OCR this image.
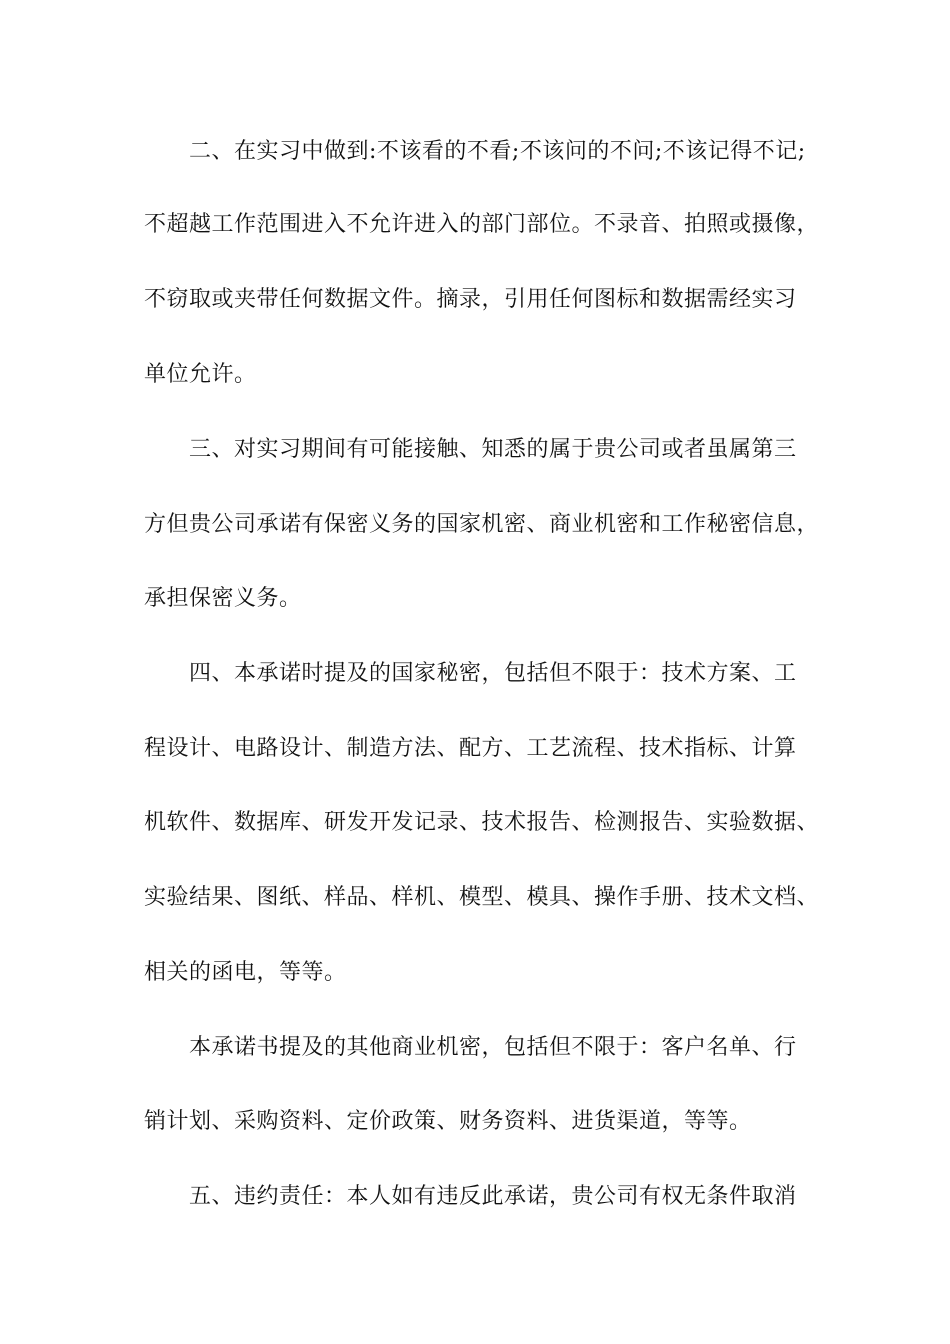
二、在实习中做到:不该看的不看;不该问的不问;不该记得不记;
不超越工作范围进入不允许进入的部门部位。不录音、拍照或摄像，
不窃取或夹带任何数据文件。摘录，引用任何图标和数据需经实习
单位允许。
三、对实习期间有可能接触、知悉的属于贵公司或者虽属第三
方但贵公司承诺有保密义务的国家机密、商业机密和工作秘密信息，
承担保密义务。
四、本承诺时提及的国家秘密，包括但不限于：技术方案、工
程设计、电路设计、制造方法、配方、工艺流程、技术指标、计算
机软件、数据库、研发开发记录、技术报告、检测报告、实验数据、
实验结果、图纸、样品、样机、模型、模具、操作手册、技术文档、
相关的函电，等等。
本承诺书提及的其他商业机密，包括但不限于：客户名单、行
销计划、采购资料、定价政策、财务资料、进货渠道，等等。
五、违约责任：本人如有违反此承诺，贵公司有权无条件取消
